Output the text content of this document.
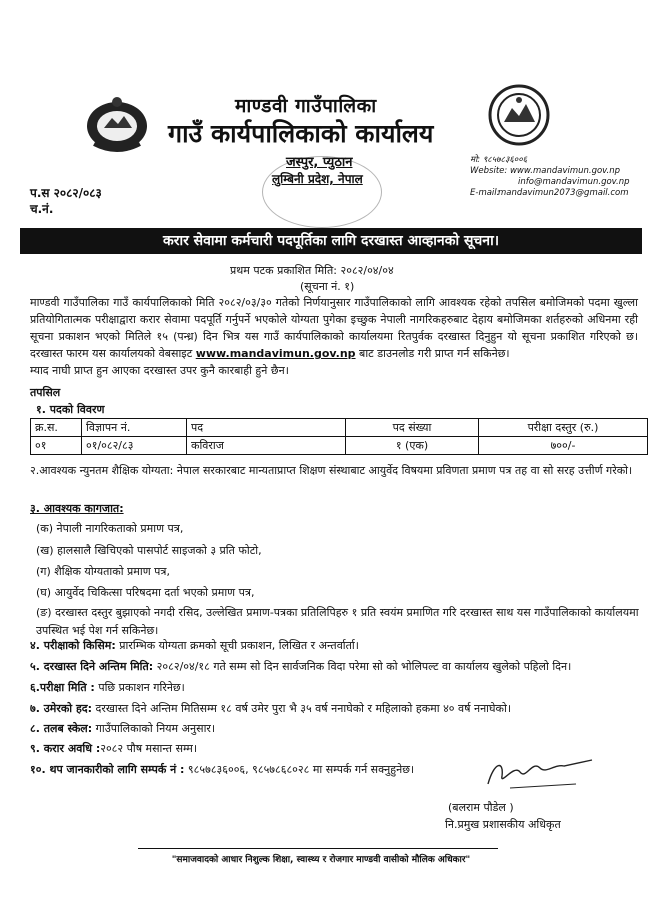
माण्डवी गाउँपालिका
गाउँ कार्यपालिकाको कार्यालय
जस्पुर, प्युठान
लुम्बिनी प्रदेश, नेपाल
मो: ९८५७८३६००६
Website: www.mandavimun.gov.np
info@mandavimun.gov.np
E-mail:
mandavimun2073@gmail.com
प.स २०८२/०८३
च.नं.
करार सेवामा कर्मचारी पदपूर्तिका लागि दरखास्त आव्हानको सूचना।
प्रथम पटक प्रकाशित मिति: २०८२/०४/०४
(सूचना नं. १)
माण्डवी गाउँपालिका गाउँ कार्यपालिकाको मिति २०८२/०३/३० गतेको निर्णयानुसार गाउँपालिकाको लागि आवश्यक रहेको तपसिल बमोजिमको पदमा खुल्ला प्रतियोगितात्मक परीक्षाद्वारा करार सेवामा पदपूर्ति गर्नुपर्ने भएकोले योग्यता पुगेका इच्छुक नेपाली नागरिकहरुबाट देहाय बमोजिमका शर्तहरुको अधिनमा रही सूचना प्रकाशन भएको मितिले १५ (पन्ध्र) दिन भित्र यस गाउँ कार्यपालिकाको कार्यालयमा रितपुर्वक दरखास्त दिनुहुन यो सूचना प्रकाशित गरिएको छ। दरखास्त फारम यस कार्यालयको वेबसाइट www.mandavimun.gov.np बाट डाउनलोड गरी प्राप्त गर्न सकिनेछ।
म्याद नाघी प्राप्त हुन आएका दरखास्त उपर कुनै कारबाही हुने छैन।
तपसिल
१. पदको विवरण
क्र.स.	विज्ञापन नं.	पद	पद संख्या	परीक्षा दस्तुर (रु.)
०१	०१/०८२/८३	कविराज	१ (एक)	७००/-
२.आवश्यक न्युनतम शैक्षिक योग्यता: नेपाल सरकारबाट मान्यताप्राप्त शिक्षण संस्थाबाट आयुर्वेद विषयमा प्रविणता प्रमाण पत्र तह वा सो सरह उत्तीर्ण गरेको।
३. आवश्यक कागजात:
(क) नेपाली नागरिकताको प्रमाण पत्र,
(ख) हालसालै खिचिएको पासपोर्ट साइजको ३ प्रति फोटो,
(ग) शैक्षिक योग्यताको प्रमाण पत्र,
(घ) आयुर्वेद चिकित्सा परिषदमा दर्ता भएको प्रमाण पत्र,
(ङ) दरखास्त दस्तुर बुझाएको नगदी रसिद, उल्लेखित प्रमाण-पत्रका प्रतिलिपिहरु १ प्रति स्वयंम प्रमाणित गरि दरखास्त साथ यस गाउँपालिकाको कार्यालयमा उपस्थित भई पेश गर्न सकिनेछ।
४. परीक्षाको किसिम: प्रारम्भिक योग्यता क्रमको सूची प्रकाशन, लिखित र अन्तर्वार्ता।
५. दरखास्त दिने अन्तिम मिति: २०८२/०४/१८ गते सम्म सो दिन सार्वजनिक विदा परेमा सो को भोलिपल्ट वा कार्यालय खुलेको पहिलो दिन।
६.परीक्षा मिति : पछि प्रकाशन गरिनेछ।
७. उमेरको हद: दरखास्त दिने अन्तिम मितिसम्म १८ वर्ष उमेर पुरा भै ३५ वर्ष ननाघेको र महिलाको हकमा ४० वर्ष ननाघेको।
८. तलब स्केल: गाउँपालिकाको नियम अनुसार।
९. करार अवधि :२०८२ पौष मसान्त सम्म।
१०. थप जानकारीको लागि सम्पर्क नं : ९८५७८३६००६, ९८५७८६८०२८ मा सम्पर्क गर्न सक्नुहुनेछ।
(बलराम पौडेल )
नि.प्रमुख प्रशासकीय अधिकृत
"समाजवादको आधार निशुल्क शिक्षा, स्वास्थ्य र रोजगार माण्डवी वासीको मौलिक अधिकार"
